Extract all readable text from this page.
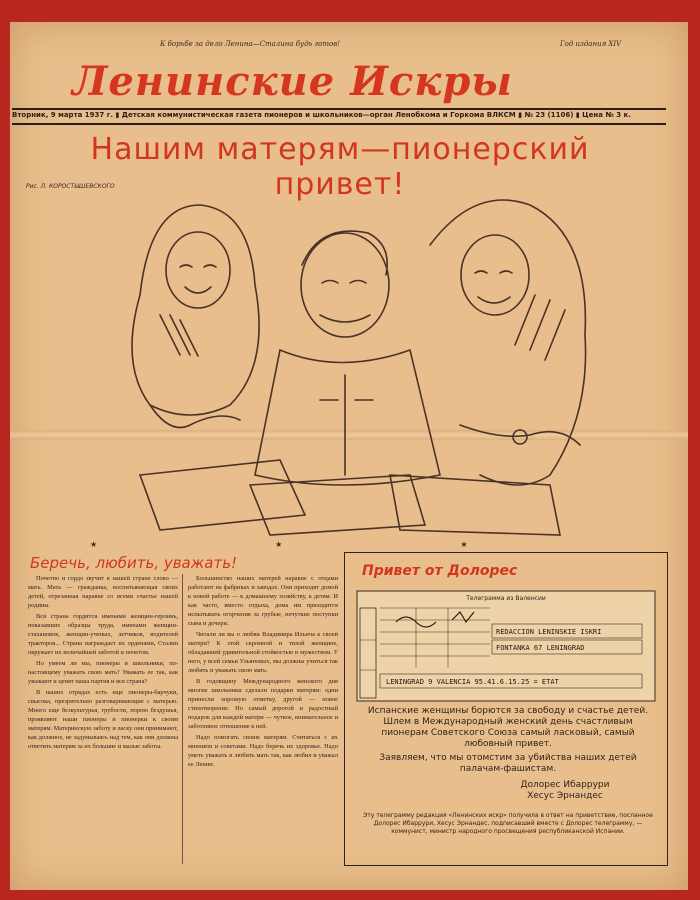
К борьбе за дело Ленина—Сталина будь готов!	Год издания XIV
Ленинские Искры
Вторник, 9 марта 1937 г. ▮ Детская коммунистическая газета пионеров и школьников—орган Ленобкома и Горкома ВЛКСМ ▮ № 23 (1106) ▮ Цена № 3 к.
Нашим матерям—пионерский привет!
Рис. Л. КОРОСТЫШЕВСКОГО
★★★
Беречь, любить, уважать!

Почетно и гордо звучит в нашей стране слово — мать. Мать — гражданка, воспитывающая своих детей, отрезанная наравне со всеми счастье нашей родины.

Вся страна гордится именами женщин-героинь, показавших образцы труда, именами женщин-стахановок, женщин-ученых, летчиков, водителей тракторов... Страна награждает их орденами, Сталин окружает их величайшей заботой и почетом.

Но умеем ли мы, пионеры и школьники, по-настоящему уважать свою мать? Уважать ее так, как уважают и ценят наша партия и вся страна?

В наших отрядах есть еще пионеры-барчуки, свысока, презрительно разговаривающие с матерью. Много еще безкультурья, грубости, порою бездушья, проявляют наши пионеры и пионерки к своим матерям. Материнскую заботу и ласку они принимают, как должное, не задумываясь над тем, как они должны ответить матерям за их большие и малые заботы.

Большинство наших матерей наравне с отцами работают на фабриках и заводах. Они приходят домой к новой работе — к домашнему хозяйству, к детям. И как часто, вместо отдыха, дома им приходится испытывать огорчения за грубые, нечуткие поступки сына и дочери.

Читали ли вы о любви Владимира Ильича к своей матери? К этой скромной и тихой женщине, обладавшей удивительной стойкостью и мужеством. У него, у всей семьи Ульяновых, мы должны учиться так любить и уважать свою мать.

В годовщину Международного женского дня многие школьники сделали подарки матерям: одни принесли хорошую отметку, другой — новое стихотворение. Но самый дорогой и радостный подарок для каждой матери — чуткое, внимательное и заботливое отношение к ней.

Надо помогать своим матерям. Считаться с их мнением и советами. Надо беречь их здоровье. Надо уметь уважать и любить мать так, как любил и уважал ее Ленин.

Привет от Долорес
Телеграмма из Валенсии
REDACCION LENINSKIE ISKRI
FONTANKA 67 LENINGRAD
LENINGRAD 9 VALENCIA 95.41.6.15.25 = ETAT

Испанские женщины борются за свободу и счастье детей. Шлем в Международный женский день счастливым пионерам Советского Союза самый ласковый, самый любовный привет.

Заявляем, что мы отомстим за убийства наших детей палачам-фашистам.

Долорес Ибаррури
Хесус Эрнандес
Эту телеграмму редакция «Ленинских искр» получила в ответ на приветствие, посланное Долорес Ибаррури, Хесус Эрнандес, подписавший вместе с Долорес телеграмму, — коммунист, министр народного просвещения республиканской Испании.
